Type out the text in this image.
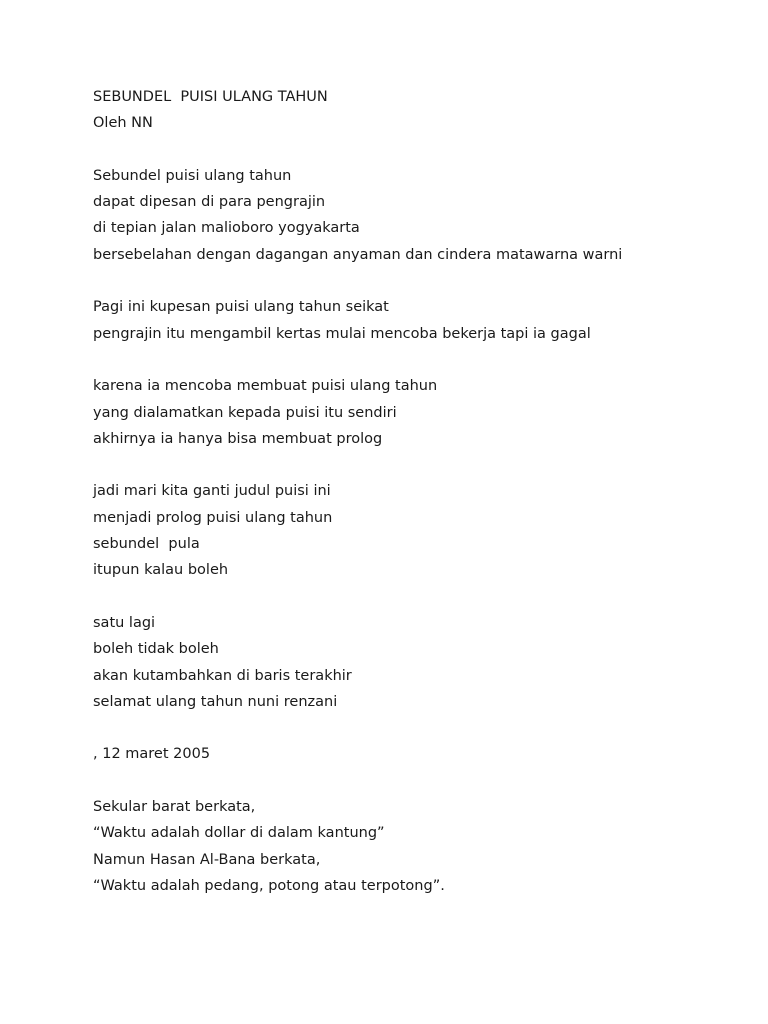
SEBUNDEL  PUISI ULANG TAHUN
Oleh NN
Sebundel puisi ulang tahun
dapat dipesan di para pengrajin
di tepian jalan malioboro yogyakarta
bersebelahan dengan dagangan anyaman dan cindera matawarna warni
Pagi ini kupesan puisi ulang tahun seikat
pengrajin itu mengambil kertas mulai mencoba bekerja tapi ia gagal
karena ia mencoba membuat puisi ulang tahun
yang dialamatkan kepada puisi itu sendiri
akhirnya ia hanya bisa membuat prolog
jadi mari kita ganti judul puisi ini
menjadi prolog puisi ulang tahun
sebundel  pula
itupun kalau boleh
satu lagi
boleh tidak boleh
akan kutambahkan di baris terakhir
selamat ulang tahun nuni renzani
, 12 maret 2005
Sekular barat berkata,
“Waktu adalah dollar di dalam kantung”
Namun Hasan Al-Bana berkata,
“Waktu adalah pedang, potong atau terpotong”.
